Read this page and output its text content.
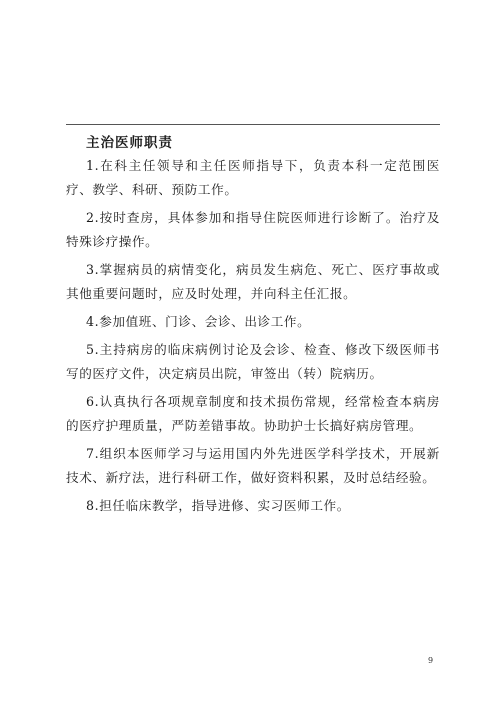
主治医师职责

1.在科主任领导和主任医师指导下，负责本科一定范围医疗、教学、科研、预防工作。

2.按时查房，具体参加和指导住院医师进行诊断了。治疗及特殊诊疗操作。

3.掌握病员的病情变化，病员发生病危、死亡、医疗事故或其他重要问题时，应及时处理，并向科主任汇报。

4.参加值班、门诊、会诊、出诊工作。

5.主持病房的临床病例讨论及会诊、检查、修改下级医师书写的医疗文件，决定病员出院，审签出（转）院病历。

6.认真执行各项规章制度和技术损伤常规，经常检查本病房的医疗护理质量，严防差错事故。协助护士长搞好病房管理。

7.组织本医师学习与运用国内外先进医学科学技术，开展新技术、新疗法，进行科研工作，做好资料积累，及时总结经验。

8.担任临床教学，指导进修、实习医师工作。

9
